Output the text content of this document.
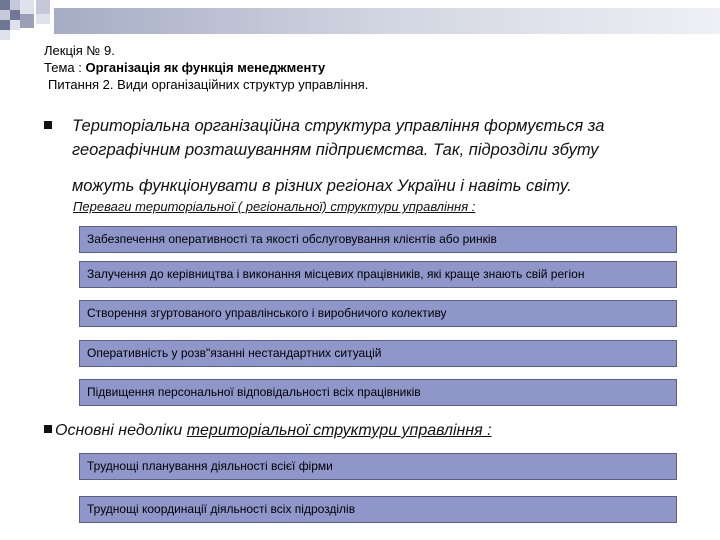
Лекція № 9.
Тема : Організація як функція менеджменту
Питання 2. Види організаційних структур управління.
Територіальна організаційна структура управління формується за
географічним розташуванням підприємства. Так, підрозділи збуту
можуть функціонувати в різних регіонах України і навіть світу.
Переваги територіальної ( регіональної) структури управління :
Забезпечення оперативності та якості обслуговування клієнтів або ринків
Залучення до керівництва і виконання місцевих працівників, які краще знають свій регіон
Створення згуртованого управлінського і виробничого колективу
Оперативність у розв"язанні нестандартних ситуацій
Підвищення персональної відповідальності всіх працівників
Основні недоліки територіальної структури управління :
Труднощі планування діяльності всієї фірми
Труднощі координації діяльності всіх підрозділів
